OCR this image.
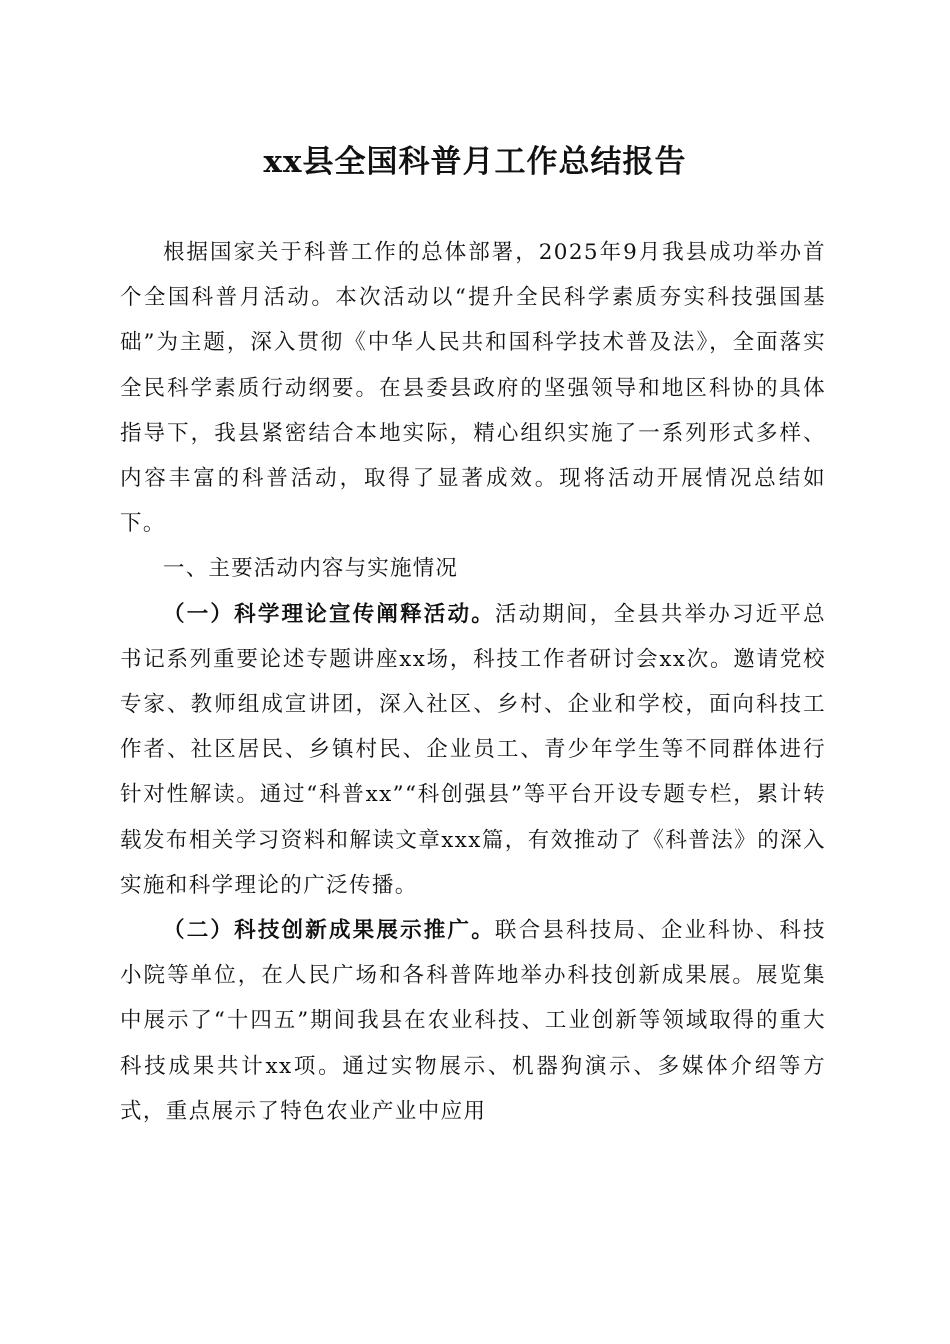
xx县全国科普月工作总结报告

根据国家关于科普工作的总体部署，2025年9月我县成功举办首个全国科普月活动。本次活动以“提升全民科学素质夯实科技强国基础”为主题，深入贯彻《中华人民共和国科学技术普及法》，全面落实全民科学素质行动纲要。在县委县政府的坚强领导和地区科协的具体指导下，我县紧密结合本地实际，精心组织实施了一系列形式多样、内容丰富的科普活动，取得了显著成效。现将活动开展情况总结如下。

一、主要活动内容与实施情况

（一）科学理论宣传阐释活动。活动期间，全县共举办习近平总书记系列重要论述专题讲座xx场，科技工作者研讨会xx次。邀请党校专家、教师组成宣讲团，深入社区、乡村、企业和学校，面向科技工作者、社区居民、乡镇村民、企业员工、青少年学生等不同群体进行针对性解读。通过“科普xx”“科创强县”等平台开设专题专栏，累计转载发布相关学习资料和解读文章xxx篇，有效推动了《科普法》的深入实施和科学理论的广泛传播。

（二）科技创新成果展示推广。联合县科技局、企业科协、科技小院等单位，在人民广场和各科普阵地举办科技创新成果展。展览集中展示了“十四五”期间我县在农业科技、工业创新等领域取得的重大科技成果共计xx项。通过实物展示、机器狗演示、多媒体介绍等方式，重点展示了特色农业产业中应用
